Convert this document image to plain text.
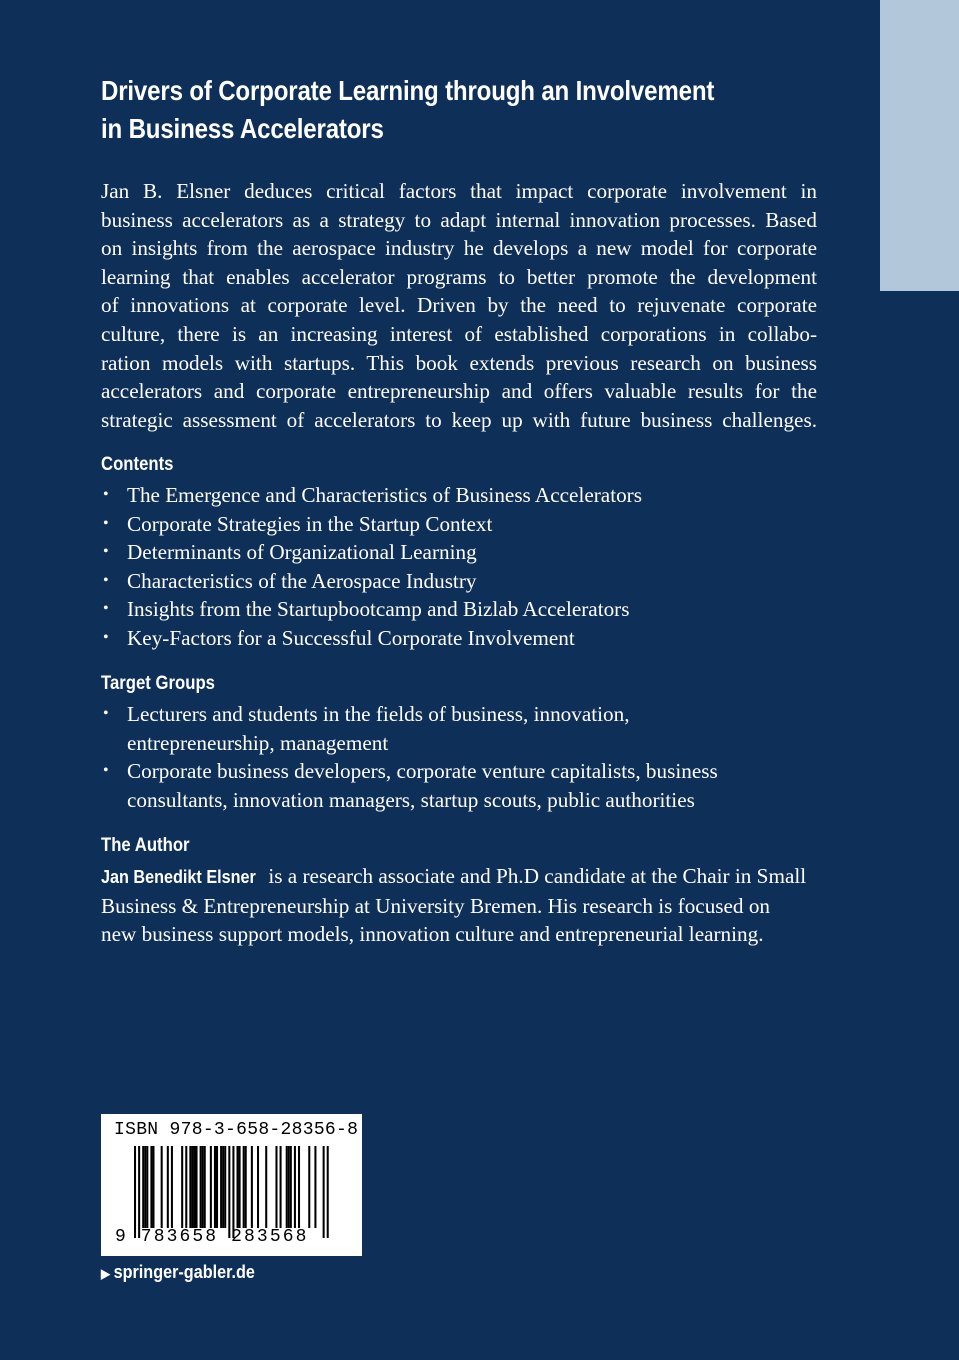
Drivers of Corporate Learning through an Involvement
in Business Accelerators
Jan B. Elsner deduces critical factors that impact corporate involvement in
business accelerators as a strategy to adapt internal innovation processes. Based
on insights from the aerospace industry he develops a new model for corporate
learning that enables accelerator programs to better promote the development
of innovations at corporate level. Driven by the need to rejuvenate corporate
culture, there is an increasing interest of established corporations in collabo-
ration models with startups. This book extends previous research on business
accelerators and corporate entrepreneurship and offers valuable results for the
strategic assessment of accelerators to keep up with future business challenges.
Contents
• The Emergence and Characteristics of Business Accelerators
• Corporate Strategies in the Startup Context
• Determinants of Organizational Learning
• Characteristics of the Aerospace Industry
• Insights from the Startupbootcamp and Bizlab Accelerators
• Key-Factors for a Successful Corporate Involvement
Target Groups
• Lecturers and students in the fields of business, innovation,
entrepreneurship, management
• Corporate business developers, corporate venture capitalists, business
consultants, innovation managers, startup scouts, public authorities
The Author
Jan Benedikt Elsner is a research associate and Ph.D candidate at the Chair in Small
Business & Entrepreneurship at University Bremen. His research is focused on
new business support models, innovation culture and entrepreneurial learning.
ISBN 978-3-658-28356-8
9 783658 283568
▶ springer-gabler.de
